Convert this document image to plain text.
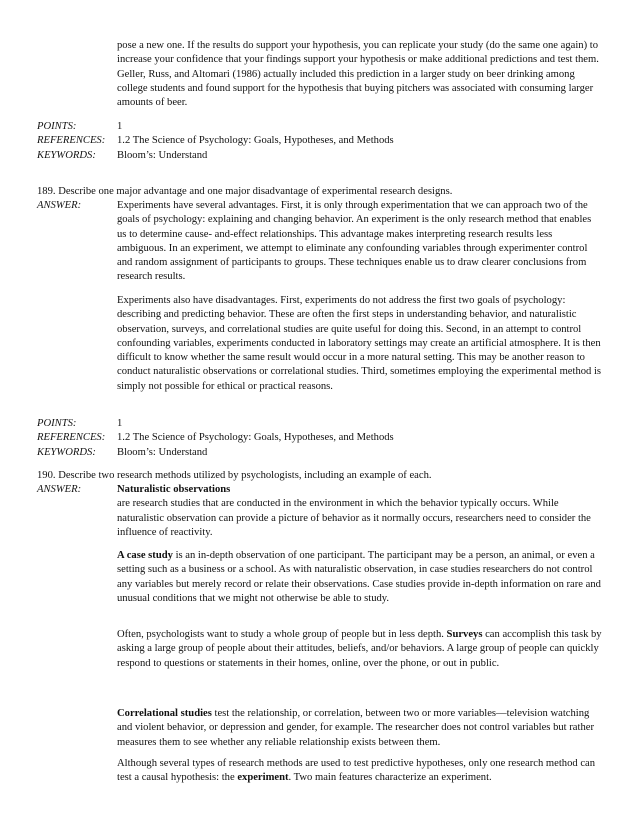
pose a new one. If the results do support your hypothesis, you can replicate your study (do the same one again) to increase your confidence that your findings support your hypothesis or make additional predictions and test them. Geller, Russ, and Altomari (1986) actually included this prediction in a larger study on beer drinking among college students and found support for the hypothesis that buying pitchers was associated with consuming larger amounts of beer.

POINTS:	1
REFERENCES: 1.2 The Science of Psychology: Goals, Hypotheses, and Methods
KEYWORDS: Bloom’s: Understand

189. Describe one major advantage and one major disadvantage of experimental research designs.

ANSWER:	Experiments have several advantages. First, it is only through experimentation that we can approach two of the goals of psychology: explaining and changing behavior. An experiment is the only research method that enables us to determine cause- and-effect relationships. This advantage makes interpreting research results less ambiguous. In an experiment, we attempt to eliminate any confounding variables through experimenter control and random assignment of participants to groups. These techniques enable us to draw clearer conclusions from research results.

Experiments also have disadvantages. First, experiments do not address the first two goals of psychology: describing and predicting behavior. These are often the first steps in understanding behavior, and naturalistic observation, surveys, and correlational studies are quite useful for doing this. Second, in an attempt to control confounding variables, experiments conducted in laboratory settings may create an artificial atmosphere. It is then difficult to know whether the same result would occur in a more natural setting. This may be another reason to conduct naturalistic observations or correlational studies. Third, sometimes employing the experimental method is simply not possible for ethical or practical reasons.

POINTS:	1
REFERENCES: 1.2 The Science of Psychology: Goals, Hypotheses, and Methods
KEYWORDS: Bloom’s: Understand

190. Describe two research methods utilized by psychologists, including an example of each.

ANSWER:	Naturalistic observations
are research studies that are conducted in the environment in which the behavior typically occurs. While naturalistic observation can provide a picture of behavior as it normally occurs, researchers need to consider the influence of reactivity.

A case study is an in-depth observation of one participant. The participant may be a person, an animal, or even a setting such as a business or a school. As with naturalistic observation, in case studies researchers do not control any variables but merely record or relate their observations. Case studies provide in-depth information on rare and unusual conditions that we might not otherwise be able to study.

Often, psychologists want to study a whole group of people but in less depth. Surveys can accomplish this task by asking a large group of people about their attitudes, beliefs, and/or behaviors. A large group of people can quickly respond to questions or statements in their homes, online, over the phone, or out in public.

Correlational studies test the relationship, or correlation, between two or more variables—television watching and violent behavior, or depression and gender, for example. The researcher does not control variables but rather measures them to see whether any reliable relationship exists between them.

Although several types of research methods are used to test predictive hypotheses, only one research method can test a causal hypothesis: the experiment. Two main features characterize an experiment.
